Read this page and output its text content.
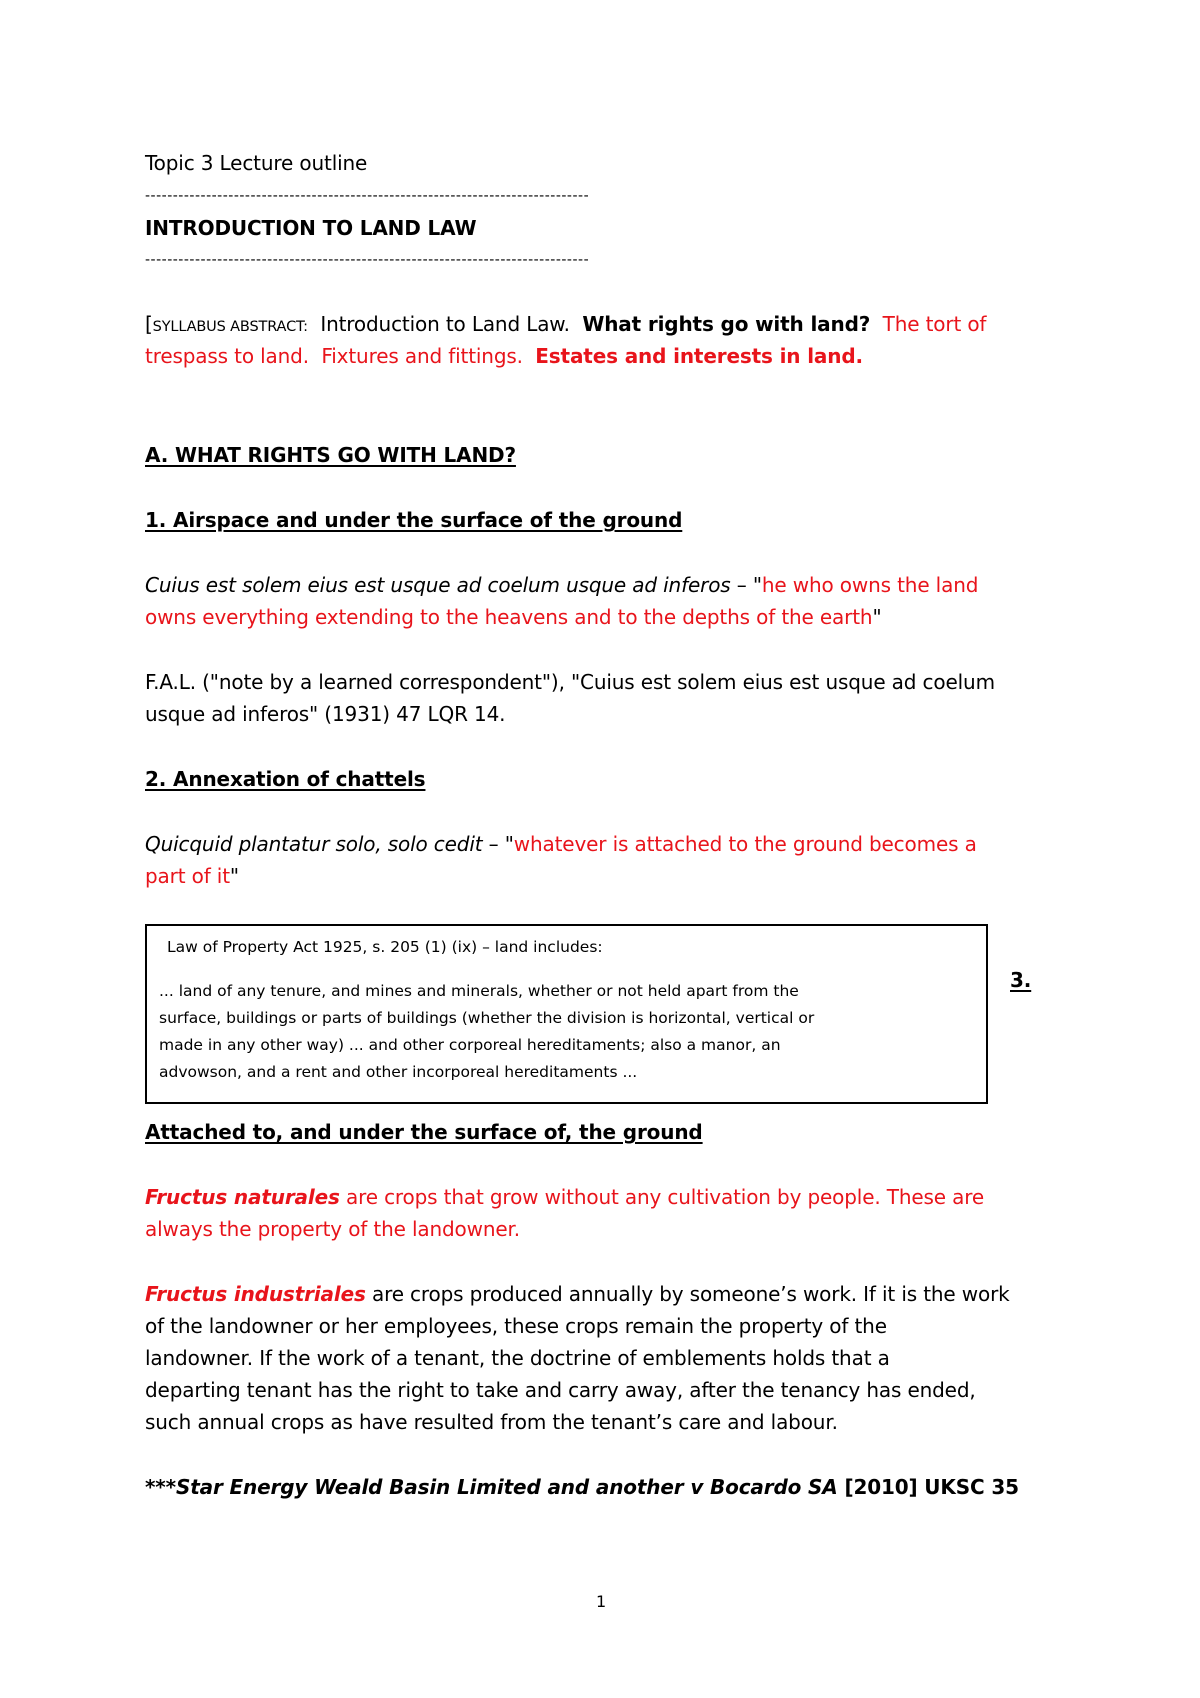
Topic 3 Lecture outline
--------------------------------------------------------------------------------
INTRODUCTION TO LAND LAW
--------------------------------------------------------------------------------
[SYLLABUS ABSTRACT: Introduction to Land Law. What rights go with land? The tort of
trespass to land. Fixtures and fittings. Estates and interests in land.
A. WHAT RIGHTS GO WITH LAND?
1. Airspace and under the surface of the ground
Cuius est solem eius est usque ad coelum usque ad inferos – "he who owns the land
owns everything extending to the heavens and to the depths of the earth"
F.A.L. ("note by a learned correspondent"), "Cuius est solem eius est usque ad coelum
usque ad inferos" (1931) 47 LQR 14.
2. Annexation of chattels
Quicquid plantatur solo, solo cedit – "whatever is attached to the ground becomes a
part of it"
Law of Property Act 1925, s. 205 (1) (ix) – land includes:
... land of any tenure, and mines and minerals, whether or not held apart from the
surface, buildings or parts of buildings (whether the division is horizontal, vertical or
made in any other way) ... and other corporeal hereditaments; also a manor, an
advowson, and a rent and other incorporeal hereditaments ...
3.
Attached to, and under the surface of, the ground
Fructus naturales are crops that grow without any cultivation by people. These are
always the property of the landowner.
Fructus industriales are crops produced annually by someone’s work. If it is the work
of the landowner or her employees, these crops remain the property of the
landowner. If the work of a tenant, the doctrine of emblements holds that a
departing tenant has the right to take and carry away, after the tenancy has ended,
such annual crops as have resulted from the tenant’s care and labour.
***Star Energy Weald Basin Limited and another v Bocardo SA [2010] UKSC 35
1
